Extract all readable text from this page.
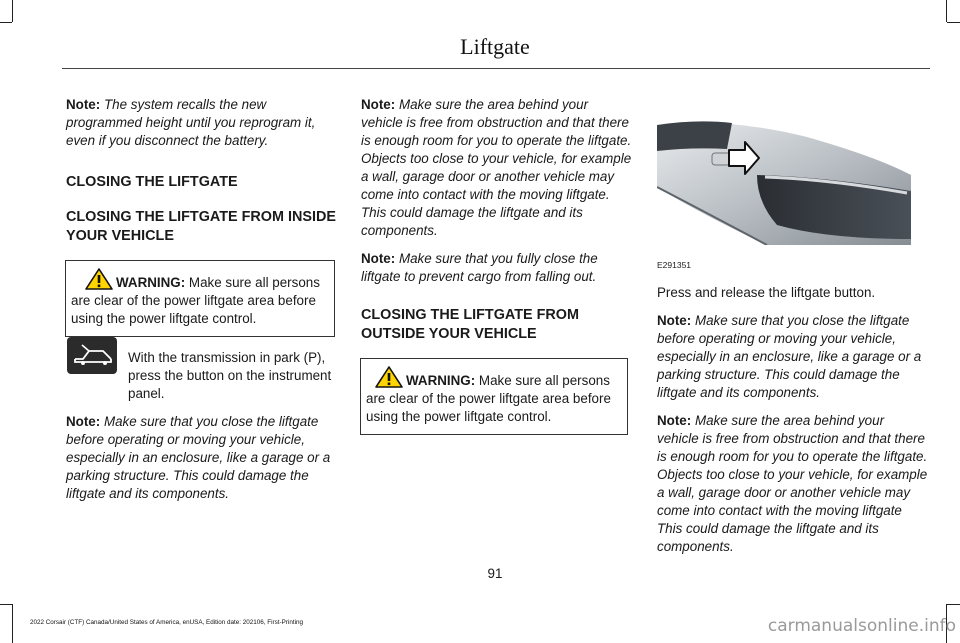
Liftgate

Note: The system recalls the new programmed height until you reprogram it, even if you disconnect the battery.

CLOSING THE LIFTGATE

CLOSING THE LIFTGATE FROM INSIDE YOUR VEHICLE

WARNING: Make sure all persons are clear of the power liftgate area before using the power liftgate control.

With the transmission in park (P), press the button on the instrument panel.

Note: Make sure that you close the liftgate before operating or moving your vehicle, especially in an enclosure, like a garage or a parking structure. This could damage the liftgate and its components.

Note: Make sure the area behind your vehicle is free from obstruction and that there is enough room for you to operate the liftgate. Objects too close to your vehicle, for example a wall, garage door or another vehicle may come into contact with the moving liftgate. This could damage the liftgate and its components.

Note: Make sure that you fully close the liftgate to prevent cargo from falling out.

CLOSING THE LIFTGATE FROM OUTSIDE YOUR VEHICLE

WARNING: Make sure all persons are clear of the power liftgate area before using the power liftgate control.
E291351

Press and release the liftgate button.

Note: Make sure that you close the liftgate before operating or moving your vehicle, especially in an enclosure, like a garage or a parking structure. This could damage the liftgate and its components.

Note: Make sure the area behind your vehicle is free from obstruction and that there is enough room for you to operate the liftgate. Objects too close to your vehicle, for example a wall, garage door or another vehicle may come into contact with the moving liftgate This could damage the liftgate and its components.

91
2022 Corsair (CTF) Canada/United States of America, enUSA, Edition date: 202106, First-Printing	carmanualsonline.info
